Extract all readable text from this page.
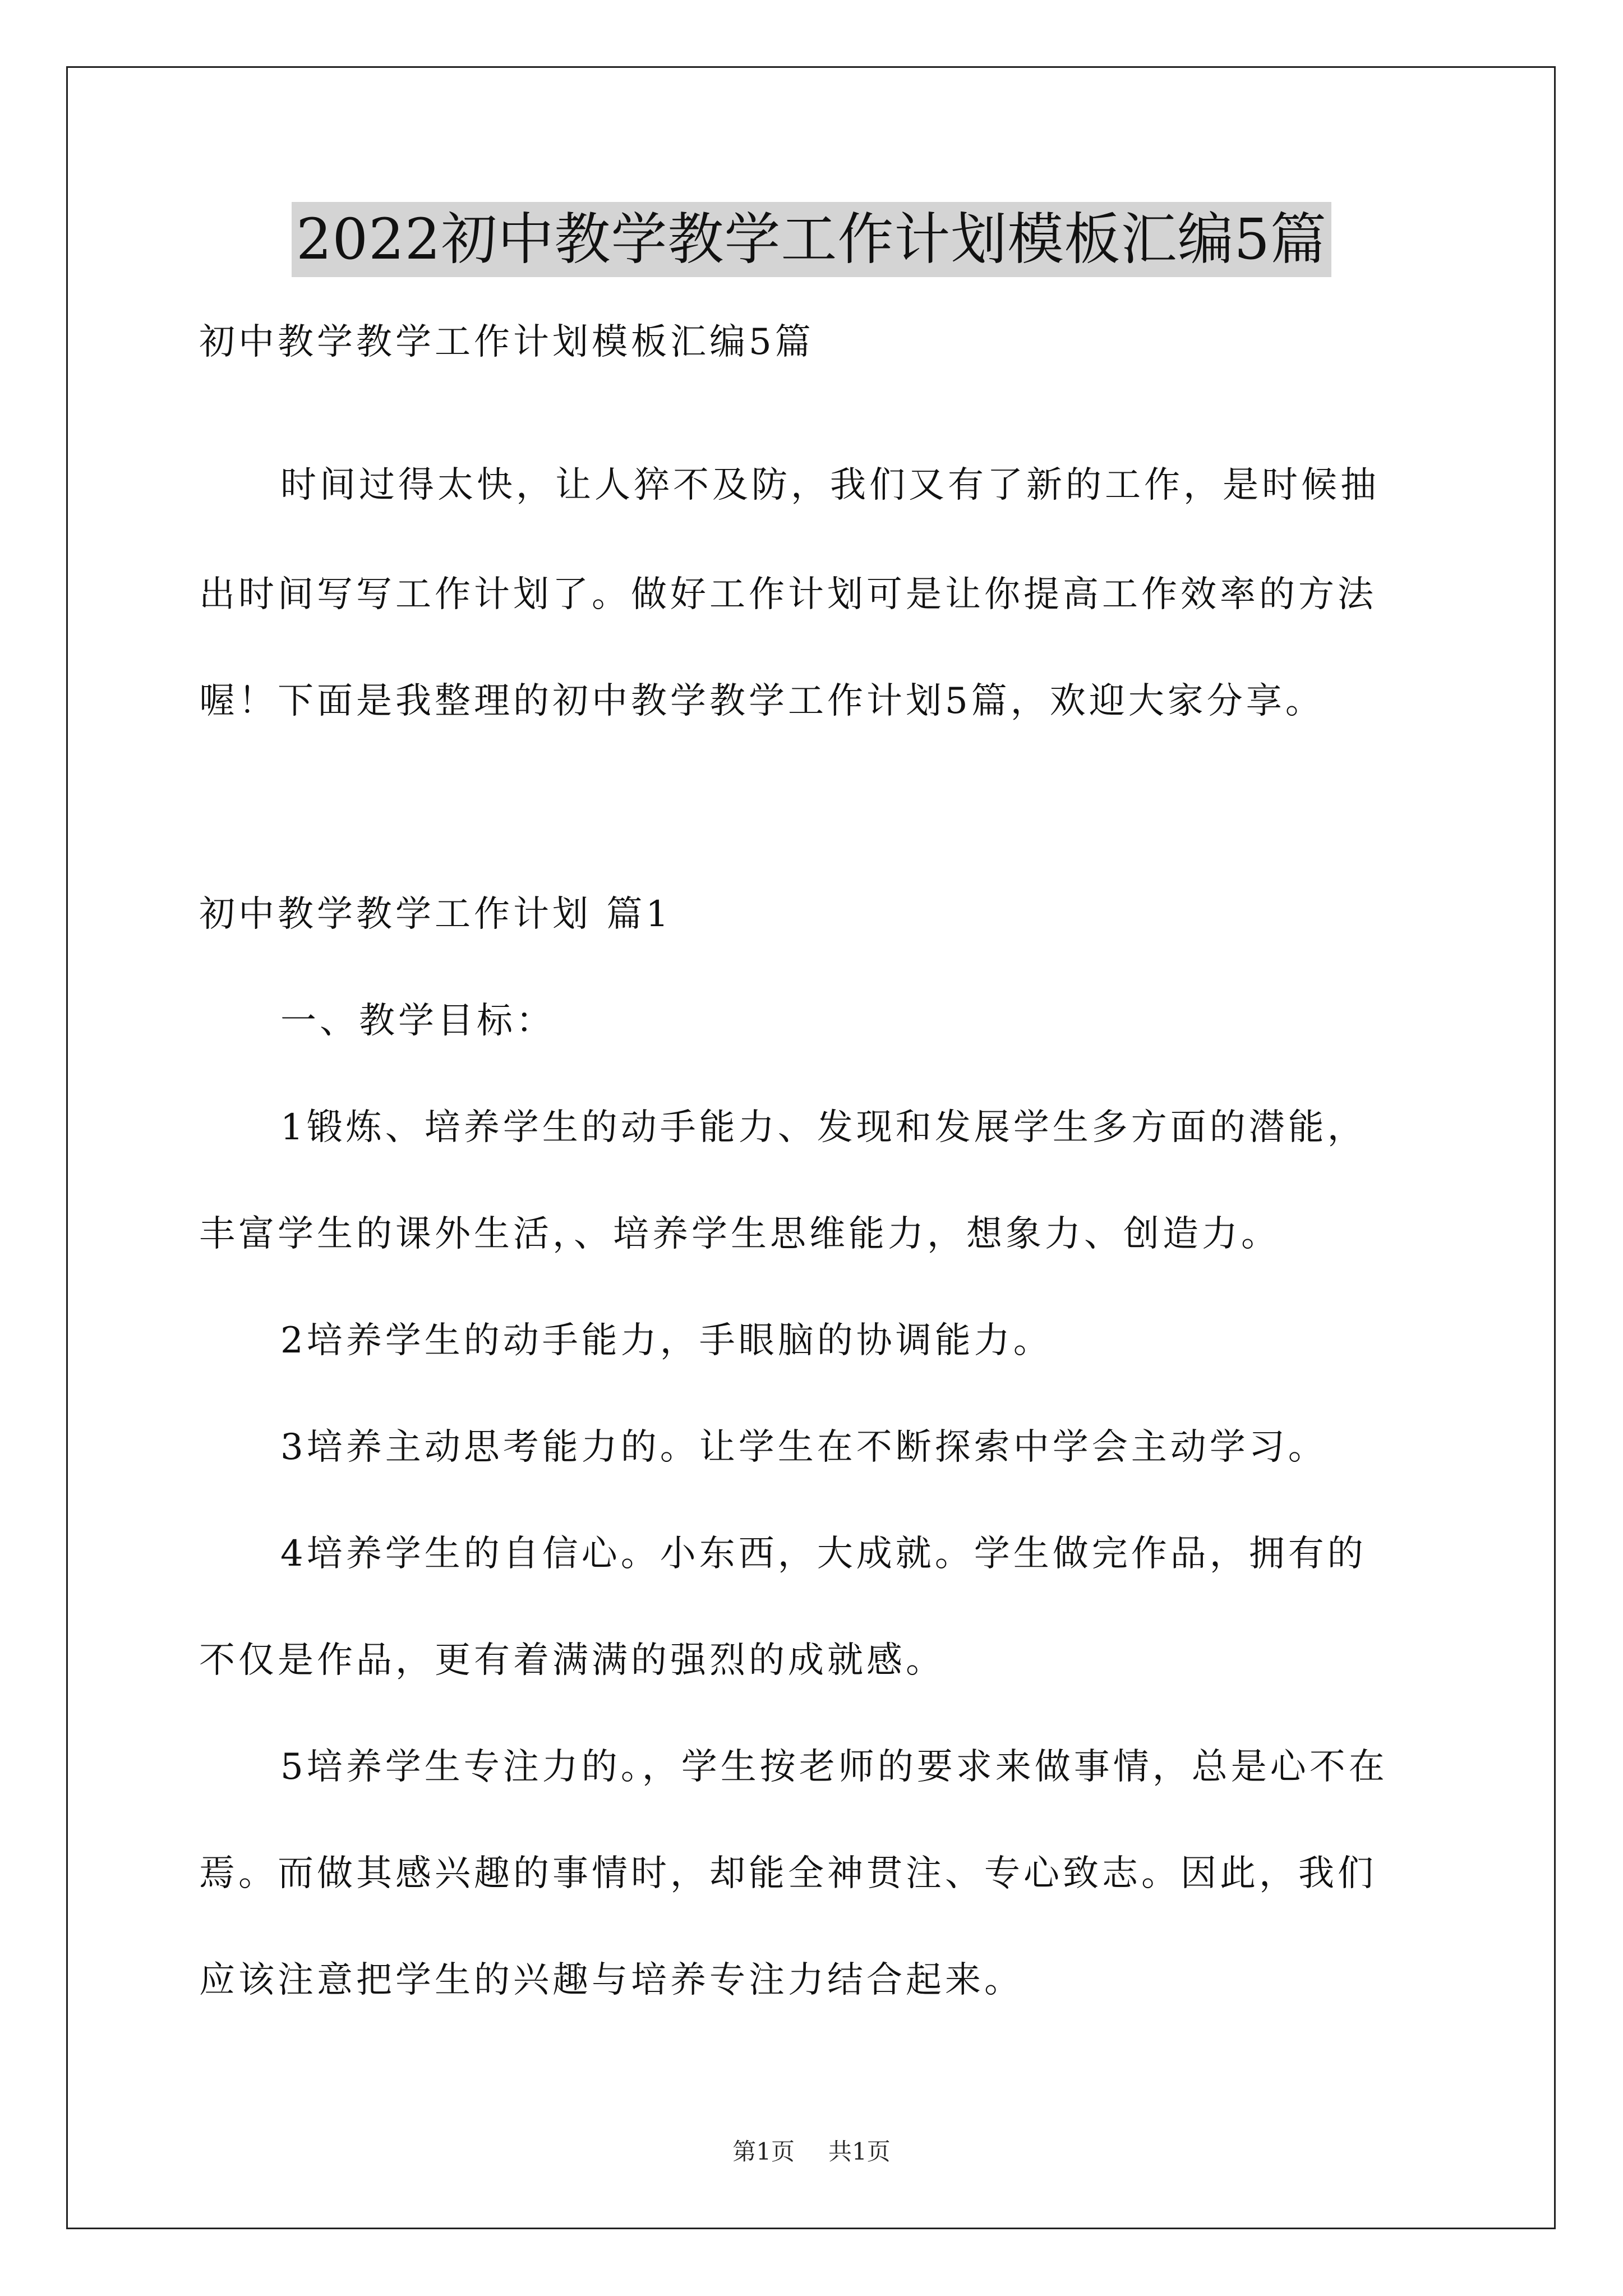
2022初中教学教学工作计划模板汇编5篇
初中教学教学工作计划模板汇编5篇
时间过得太快，让人猝不及防，我们又有了新的工作，是时候抽
出时间写写工作计划了。做好工作计划可是让你提高工作效率的方法
喔！下面是我整理的初中教学教学工作计划5篇，欢迎大家分享。
初中教学教学工作计划 篇1
一、教学目标：
1锻炼、培养学生的动手能力、发现和发展学生多方面的潜能，
丰富学生的课外生活，、培养学生思维能力，想象力、创造力。
2培养学生的动手能力，手眼脑的协调能力。
3培养主动思考能力的。让学生在不断探索中学会主动学习。
4培养学生的自信心。小东西，大成就。学生做完作品，拥有的
不仅是作品，更有着满满的强烈的成就感。
5培养学生专注力的。，学生按老师的要求来做事情，总是心不在
焉。而做其感兴趣的事情时，却能全神贯注、专心致志。因此，我们
应该注意把学生的兴趣与培养专注力结合起来。
第1页 共1页
